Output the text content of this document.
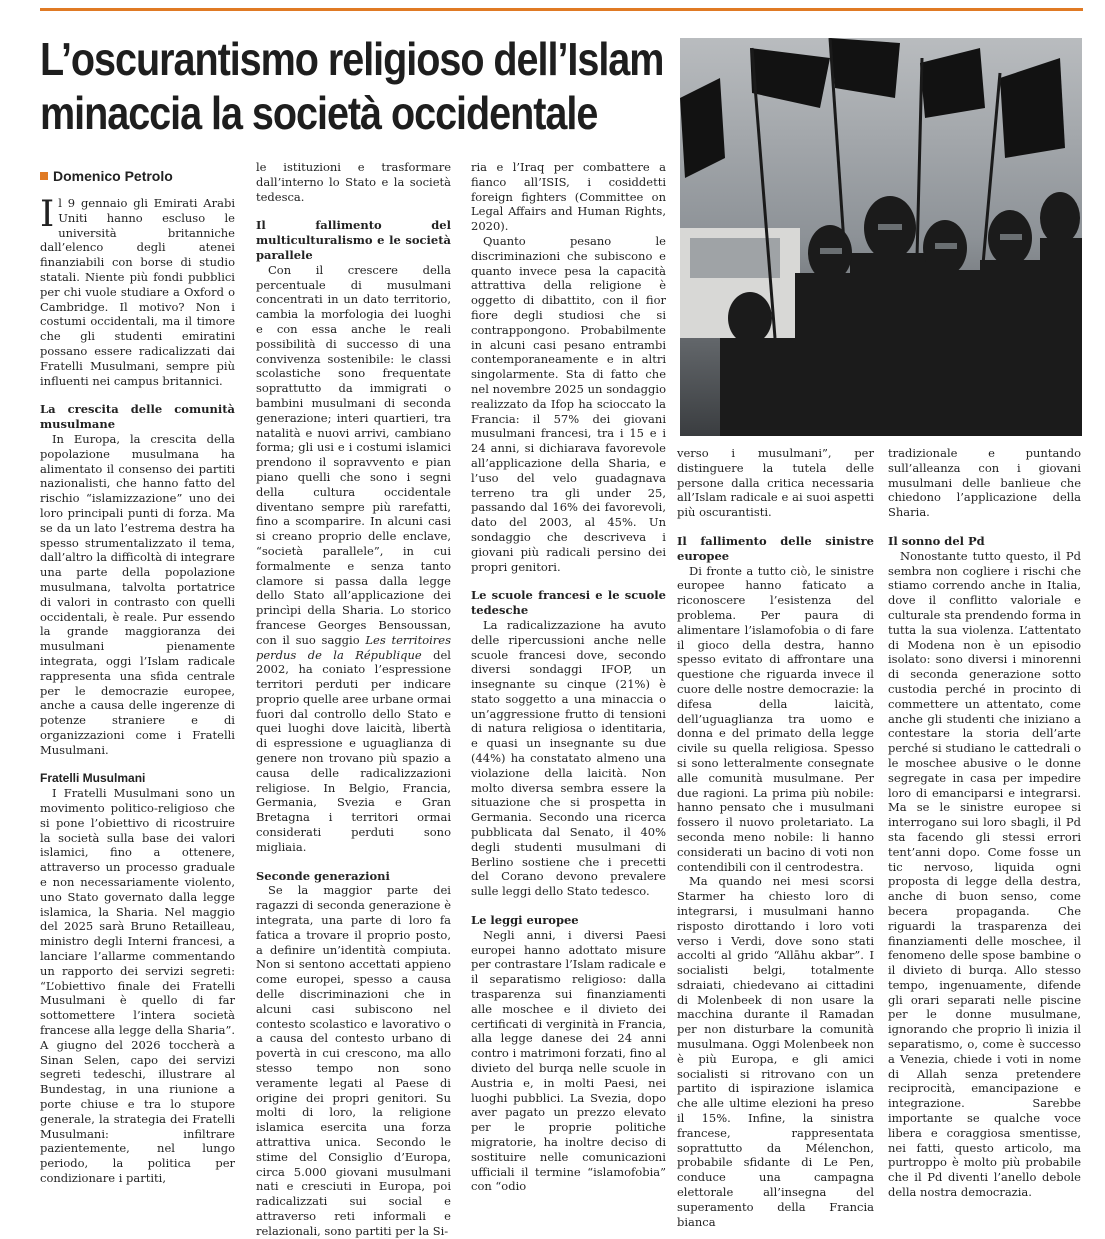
L’oscurantismo religioso dell’Islam minaccia la società occidentale
Domenico Petrolo

Il 9 gennaio gli Emirati Arabi Uniti hanno escluso le università britanniche dall’elenco degli atenei finanziabili con borse di studio statali. Niente più fondi pubblici per chi vuole studiare a Oxford o Cambridge. Il motivo? Non i costumi occidentali, ma il timore che gli studenti emiratini possano essere radicalizzati dai Fratelli Musulmani, sempre più influenti nei campus britannici.

La crescita delle comunità musulmane

In Europa, la crescita della popolazione musulmana ha alimentato il consenso dei partiti nazionalisti, che hanno fatto del rischio “islamizzazione” uno dei loro principali punti di forza. Ma se da un lato l’estrema destra ha spesso strumentalizzato il tema, dall’altro la difficoltà di integrare una parte della popolazione musulmana, talvolta portatrice di valori in contrasto con quelli occidentali, è reale. Pur essendo la grande maggioranza dei musulmani pienamente integrata, oggi l’Islam radicale rappresenta una sfida centrale per le democrazie europee, anche a causa delle ingerenze di potenze straniere e di organizzazioni come i Fratelli Musulmani.

Fratelli Musulmani

I Fratelli Musulmani sono un movimento politico-religioso che si pone l’obiettivo di ricostruire la società sulla base dei valori islamici, fino a ottenere, attraverso un processo graduale e non necessariamente violento, uno Stato governato dalla legge islamica, la Sharia. Nel maggio del 2025 sarà Bruno Retailleau, ministro degli Interni francesi, a lanciare l’allarme commentando un rapporto dei servizi segreti: “L’obiettivo finale dei Fratelli Musulmani è quello di far sottomettere l’intera società francese alla legge della Sharia”. A giugno del 2026 toccherà a Sinan Selen, capo dei servizi segreti tedeschi, illustrare al Bundestag, in una riunione a porte chiuse e tra lo stupore generale, la strategia dei Fratelli Musulmani: infiltrare pazientemente, nel lungo periodo, la politica per condizionare i partiti,

le istituzioni e trasformare dall’interno lo Stato e la società tedesca.

Il fallimento del multiculturalismo e le società parallele

Con il crescere della percentuale di musulmani concentrati in un dato territorio, cambia la morfologia dei luoghi e con essa anche le reali possibilità di successo di una convivenza sostenibile: le classi scolastiche sono frequentate soprattutto da immigrati o bambini musulmani di seconda generazione; interi quartieri, tra natalità e nuovi arrivi, cambiano forma; gli usi e i costumi islamici prendono il sopravvento e pian piano quelli che sono i segni della cultura occidentale diventano sempre più rarefatti, fino a scomparire. In alcuni casi si creano proprio delle enclave, “società parallele”, in cui formalmente e senza tanto clamore si passa dalla legge dello Stato all’applicazione dei princìpi della Sharia. Lo storico francese Georges Bensoussan, con il suo saggio Les territoires perdus de la République del 2002, ha coniato l’espressione territori perduti per indicare proprio quelle aree urbane ormai fuori dal controllo dello Stato e quei luoghi dove laicità, libertà di espressione e uguaglianza di genere non trovano più spazio a causa delle radicalizzazioni religiose. In Belgio, Francia, Germania, Svezia e Gran Bretagna i territori ormai considerati perduti sono migliaia.

Seconde generazioni

Se la maggior parte dei ragazzi di seconda generazione è integrata, una parte di loro fa fatica a trovare il proprio posto, a definire un’identità compiuta. Non si sentono accettati appieno come europei, spesso a causa delle discriminazioni che in alcuni casi subiscono nel contesto scolastico e lavorativo o a causa del contesto urbano di povertà in cui crescono, ma allo stesso tempo non sono veramente legati al Paese di origine dei propri genitori. Su molti di loro, la religione islamica esercita una forza attrattiva unica. Secondo le stime del Consiglio d’Europa, circa 5.000 giovani musulmani nati e cresciuti in Europa, poi radicalizzati sui social e attraverso reti informali e relazionali, sono partiti per la Si-

ria e l’Iraq per combattere a fianco all’ISIS, i cosiddetti foreign fighters (Committee on Legal Affairs and Human Rights, 2020).

Quanto pesano le discriminazioni che subiscono e quanto invece pesa la capacità attrattiva della religione è oggetto di dibattito, con il fior fiore degli studiosi che si contrappongono. Probabilmente in alcuni casi pesano entrambi contemporaneamente e in altri singolarmente. Sta di fatto che nel novembre 2025 un sondaggio realizzato da Ifop ha scioccato la Francia: il 57% dei giovani musulmani francesi, tra i 15 e i 24 anni, si dichiarava favorevole all’applicazione della Sharia, e l’uso del velo guadagnava terreno tra gli under 25, passando dal 16% dei favorevoli, dato del 2003, al 45%. Un sondaggio che descriveva i giovani più radicali persino dei propri genitori.

Le scuole francesi e le scuole tedesche

La radicalizzazione ha avuto delle ripercussioni anche nelle scuole francesi dove, secondo diversi sondaggi IFOP, un insegnante su cinque (21%) è stato soggetto a una minaccia o un’aggressione frutto di tensioni di natura religiosa o identitaria, e quasi un insegnante su due (44%) ha constatato almeno una violazione della laicità. Non molto diversa sembra essere la situazione che si prospetta in Germania. Secondo una ricerca pubblicata dal Senato, il 40% degli studenti musulmani di Berlino sostiene che i precetti del Corano devono prevalere sulle leggi dello Stato tedesco.

Le leggi europee

Negli anni, i diversi Paesi europei hanno adottato misure per contrastare l’Islam radicale e il separatismo religioso: dalla trasparenza sui finanziamenti alle moschee e il divieto dei certificati di verginità in Francia, alla legge danese dei 24 anni contro i matrimoni forzati, fino al divieto del burqa nelle scuole in Austria e, in molti Paesi, nei luoghi pubblici. La Svezia, dopo aver pagato un prezzo elevato per le proprie politiche migratorie, ha inoltre deciso di sostituire nelle comunicazioni ufficiali il termine “islamofobia” con “odio

verso i musulmani”, per distinguere la tutela delle persone dalla critica necessaria all’Islam radicale e ai suoi aspetti più oscurantisti.

Il fallimento delle sinistre europee

Di fronte a tutto ciò, le sinistre europee hanno faticato a riconoscere l’esistenza del problema. Per paura di alimentare l’islamofobia o di fare il gioco della destra, hanno spesso evitato di affrontare una questione che riguarda invece il cuore delle nostre democrazie: la difesa della laicità, dell’uguaglianza tra uomo e donna e del primato della legge civile su quella religiosa. Spesso si sono letteralmente consegnate alle comunità musulmane. Per due ragioni. La prima più nobile: hanno pensato che i musulmani fossero il nuovo proletariato. La seconda meno nobile: li hanno considerati un bacino di voti non contendibili con il centrodestra.

Ma quando nei mesi scorsi Starmer ha chiesto loro di integrarsi, i musulmani hanno risposto dirottando i loro voti verso i Verdi, dove sono stati accolti al grido “Allāhu akbar”. I socialisti belgi, totalmente sdraiati, chiedevano ai cittadini di Molenbeek di non usare la macchina durante il Ramadan per non disturbare la comunità musulmana. Oggi Molenbeek non è più Europa, e gli amici socialisti si ritrovano con un partito di ispirazione islamica che alle ultime elezioni ha preso il 15%. Infine, la sinistra francese, rappresentata soprattutto da Mélenchon, probabile sfidante di Le Pen, conduce una campagna elettorale all’insegna del superamento della Francia bianca

tradizionale e puntando sull’alleanza con i giovani musulmani delle banlieue che chiedono l’applicazione della Sharia.

Il sonno del Pd

Nonostante tutto questo, il Pd sembra non cogliere i rischi che stiamo correndo anche in Italia, dove il conflitto valoriale e culturale sta prendendo forma in tutta la sua violenza. L’attentato di Modena non è un episodio isolato: sono diversi i minorenni di seconda generazione sotto custodia perché in procinto di commettere un attentato, come anche gli studenti che iniziano a contestare la storia dell’arte perché si studiano le cattedrali o le moschee abusive o le donne segregate in casa per impedire loro di emanciparsi e integrarsi. Ma se le sinistre europee si interrogano sui loro sbagli, il Pd sta facendo gli stessi errori tent’anni dopo. Come fosse un tic nervoso, liquida ogni proposta di legge della destra, anche di buon senso, come becera propaganda. Che riguardi la trasparenza dei finanziamenti delle moschee, il fenomeno delle spose bambine o il divieto di burqa. Allo stesso tempo, ingenuamente, difende gli orari separati nelle piscine per le donne musulmane, ignorando che proprio lì inizia il separatismo, o, come è successo a Venezia, chiede i voti in nome di Allah senza pretendere reciprocità, emancipazione e integrazione. Sarebbe importante se qualche voce libera e coraggiosa smentisse, nei fatti, questo articolo, ma purtroppo è molto più probabile che il Pd diventi l’anello debole della nostra democrazia.
